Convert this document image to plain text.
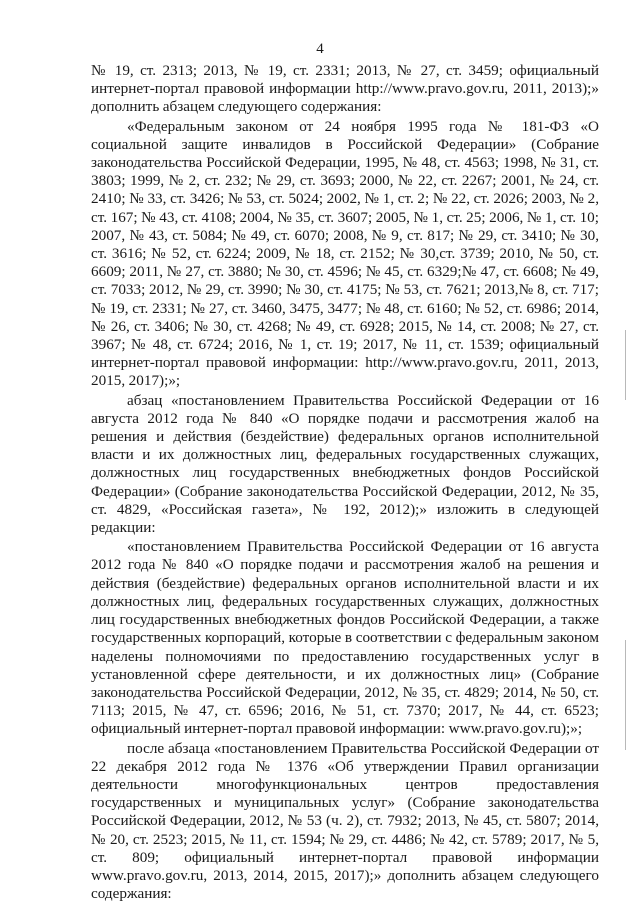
4

№ 19, ст. 2313; 2013, № 19, ст. 2331; 2013, № 27, ст. 3459; официальный интернет-портал правовой информации http://www.pravo.gov.ru, 2011, 2013);» дополнить абзацем следующего содержания:

«Федеральным законом от 24 ноября 1995 года № 181-ФЗ «О социальной защите инвалидов в Российской Федерации» (Собрание законодательства Российской Федерации, 1995, № 48, ст. 4563; 1998, № 31, ст. 3803; 1999, № 2, ст. 232; № 29, ст. 3693; 2000, № 22, ст. 2267; 2001, № 24, ст. 2410; № 33, ст. 3426; № 53, ст. 5024; 2002, № 1, ст. 2; № 22, ст. 2026; 2003, № 2, ст. 167; № 43, ст. 4108; 2004, № 35, ст. 3607; 2005, № 1, ст. 25; 2006, № 1, ст. 10; 2007, № 43, ст. 5084; № 49, ст. 6070; 2008, № 9, ст. 817; № 29, ст. 3410; № 30, ст. 3616; № 52, ст. 6224; 2009, № 18, ст. 2152; № 30,ст. 3739; 2010, № 50, ст. 6609; 2011, № 27, ст. 3880; № 30, ст. 4596; № 45, ст. 6329;№ 47, ст. 6608; № 49, ст. 7033; 2012, № 29, ст. 3990; № 30, ст. 4175; № 53, ст. 7621; 2013,№ 8, ст. 717; № 19, ст. 2331; № 27, ст. 3460, 3475, 3477; № 48, ст. 6160; № 52, ст. 6986; 2014, № 26, ст. 3406; № 30, ст. 4268; № 49, ст. 6928; 2015, № 14, ст. 2008; № 27, ст. 3967; № 48, ст. 6724; 2016, № 1, ст. 19; 2017, № 11, ст. 1539; официальный интернет-портал правовой информации: http://www.pravo.gov.ru, 2011, 2013, 2015, 2017);»;

абзац «постановлением Правительства Российской Федерации от 16 августа 2012 года № 840 «О порядке подачи и рассмотрения жалоб на решения и действия (бездействие) федеральных органов исполнительной власти и их должностных лиц, федеральных государственных служащих, должностных лиц государственных внебюджетных фондов Российской Федерации» (Собрание законодательства Российской Федерации, 2012, № 35, ст. 4829, «Российская газета», № 192, 2012);» изложить в следующей редакции:

«постановлением Правительства Российской Федерации от 16 августа 2012 года № 840 «О порядке подачи и рассмотрения жалоб на решения и действия (бездействие) федеральных органов исполнительной власти и их должностных лиц, федеральных государственных служащих, должностных лиц государственных внебюджетных фондов Российской Федерации, а также государственных корпораций, которые в соответствии с федеральным законом наделены полномочиями по предоставлению государственных услуг в установленной сфере деятельности, и их должностных лиц» (Собрание законодательства Российской Федерации, 2012, № 35, ст. 4829; 2014, № 50, ст. 7113; 2015, № 47, ст. 6596; 2016, № 51, ст. 7370; 2017, № 44, ст. 6523; официальный интернет-портал правовой информации: www.pravo.gov.ru);»;

после абзаца «постановлением Правительства Российской Федерации от 22 декабря 2012 года № 1376 «Об утверждении Правил организации деятельности многофункциональных центров предоставления государственных и муниципальных услуг» (Собрание законодательства Российской Федерации, 2012, № 53 (ч. 2), ст. 7932; 2013, № 45, ст. 5807; 2014, № 20, ст. 2523; 2015, № 11, ст. 1594; № 29, ст. 4486; № 42, ст. 5789; 2017, № 5, ст. 809; официальный интернет-портал правовой информации www.pravo.gov.ru, 2013, 2014, 2015, 2017);» дополнить абзацем следующего содержания:
